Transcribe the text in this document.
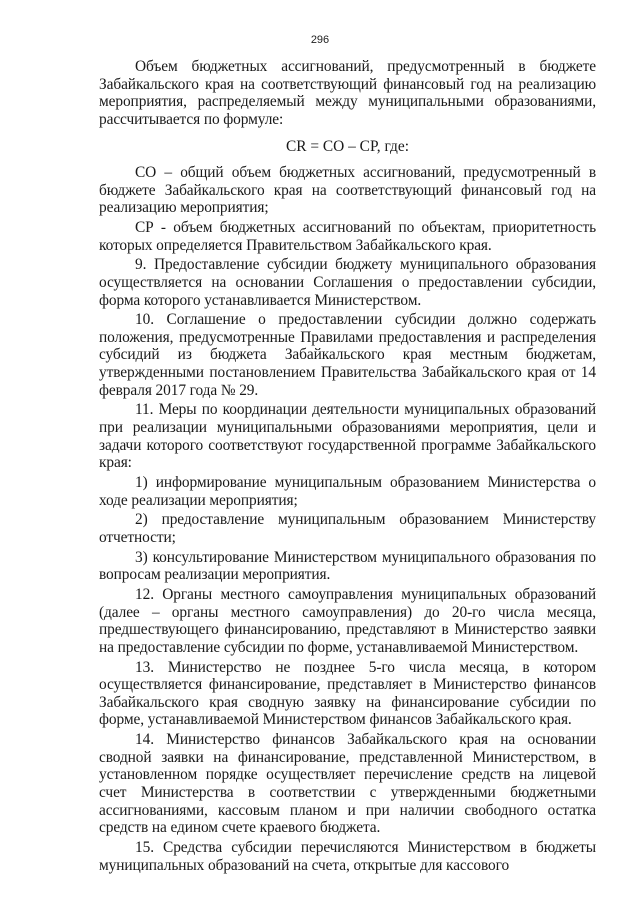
296

Объем бюджетных ассигнований, предусмотренный в бюджете Забайкальского края на соответствующий финансовый год на реализацию мероприятия, распределяемый между муниципальными образованиями, рассчитывается по формуле:

CR = CO – CP, где:

СО – общий объем бюджетных ассигнований, предусмотренный в бюджете Забайкальского края на соответствующий финансовый год на реализацию мероприятия;

СР - объем бюджетных ассигнований по объектам, приоритетность которых определяется Правительством Забайкальского края.

9. Предоставление субсидии бюджету муниципального образования осуществляется на основании Соглашения о предоставлении субсидии, форма которого устанавливается Министерством.

10. Соглашение о предоставлении субсидии должно содержать положения, предусмотренные Правилами предоставления и распределения субсидий из бюджета Забайкальского края местным бюджетам, утвержденными постановлением Правительства Забайкальского края от 14 февраля 2017 года № 29.

11. Меры по координации деятельности муниципальных образований при реализации муниципальными образованиями мероприятия, цели и задачи которого соответствуют государственной программе Забайкальского края:

1) информирование муниципальным образованием Министерства о ходе реализации мероприятия;

2) предоставление муниципальным образованием Министерству отчетности;

3) консультирование Министерством муниципального образования по вопросам реализации мероприятия.

12. Органы местного самоуправления муниципальных образований (далее – органы местного самоуправления) до 20-го числа месяца, предшествующего финансированию, представляют в Министерство заявки на предоставление субсидии по форме, устанавливаемой Министерством.

13. Министерство не позднее 5-го числа месяца, в котором осуществляется финансирование, представляет в Министерство финансов Забайкальского края сводную заявку на финансирование субсидии по форме, устанавливаемой Министерством финансов Забайкальского края.

14. Министерство финансов Забайкальского края на основании сводной заявки на финансирование, представленной Министерством, в установленном порядке осуществляет перечисление средств на лицевой счет Министерства в соответствии с утвержденными бюджетными ассигнованиями, кассовым планом и при наличии свободного остатка средств на едином счете краевого бюджета.

15. Средства субсидии перечисляются Министерством в бюджеты муниципальных образований на счета, открытые для кассового
